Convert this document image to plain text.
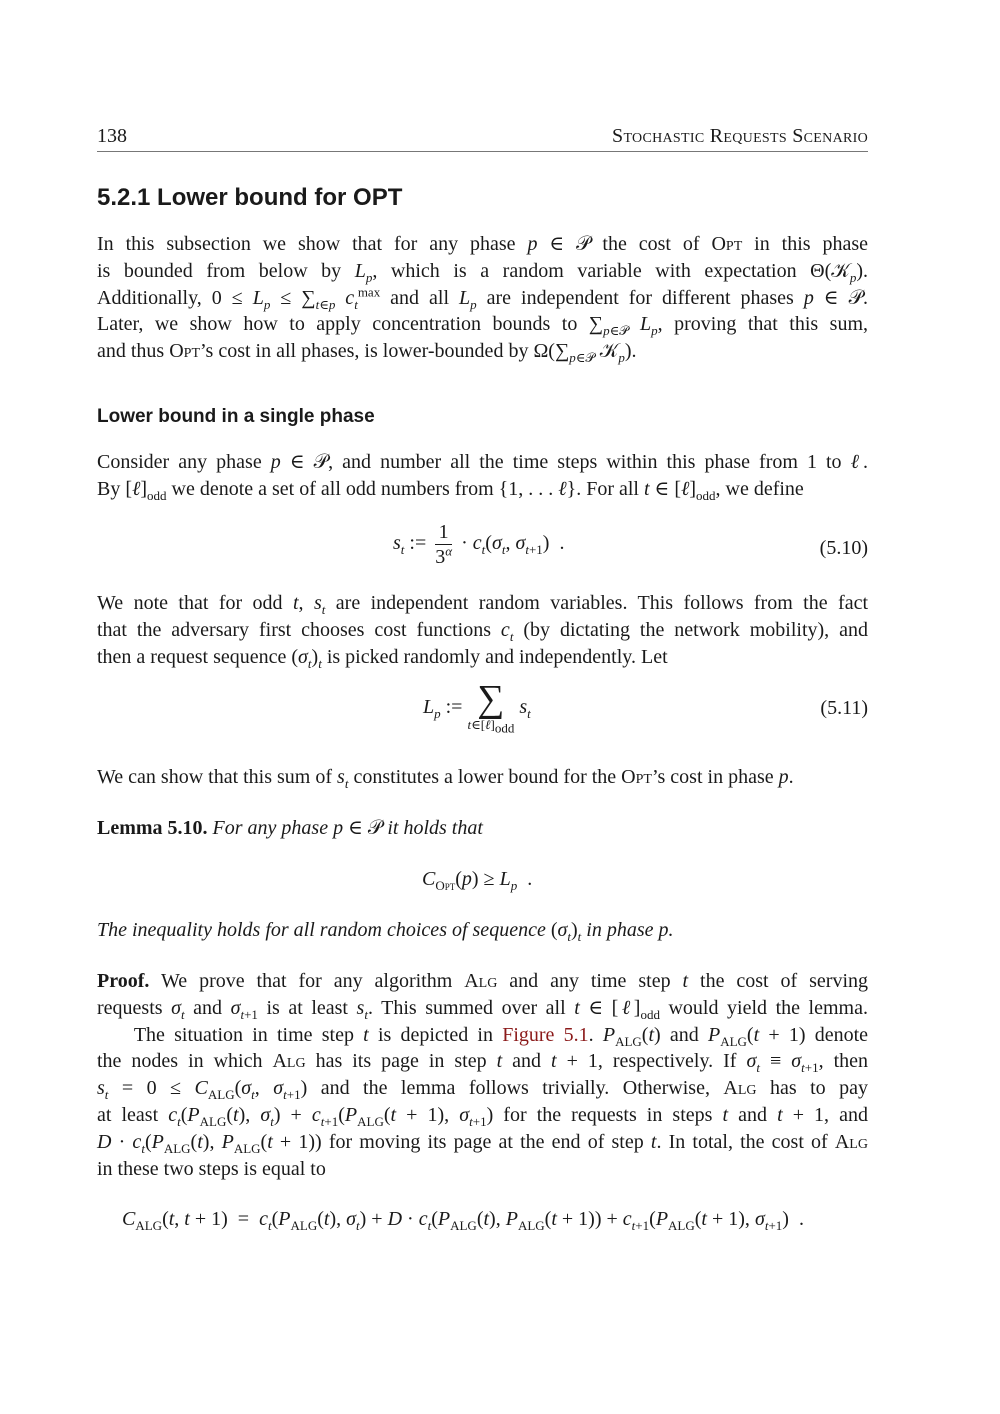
138	Stochastic Requests Scenario
5.2.1 Lower bound for OPT
In this subsection we show that for any phase p ∈ 𝒫 the cost of Opt in this phase
is bounded from below by $L_p$, which is a random variable with expectation Θ(𝒦$_p$).
Additionally, $0 \le L_p \le \sum_{t\in p}$ $c_t^{max}$ and all $L_p$ are independent for different phases p ∈ 𝒫.
Later, we show how to apply concentration bounds to $\sum_{p\in 𝒫}$ $L_p$, proving that this sum,
and thus Opt’s cost in all phases, is lower-bounded by $\Omega(\sum_{p\in 𝒫}$ 𝒦$_p$).
Lower bound in a single phase
Consider any phase p ∈ 𝒫, and number all the time steps within this phase from 1 to ℓ.
By $[\ell]_{odd}$ we denote a set of all odd numbers from {1, . . . ℓ}. For all t ∈ $[\ell]_{odd}$, we define
$s_t$ := $\frac{1}{3^\alpha} \cdot c_t(\sigma_t$, $\sigma_{t+1}$)  .	(5.10)
We note that for odd t, $s_t$ are independent random variables. This follows from the fact
that the adversary first chooses cost functions $c_t$ (by dictating the network mobility), and
then a request sequence $(\sigma_t)_t$ is picked randomly and independently. Let
$L_p$ := ∑
$t\in[\ell]_{odd}$
$s_t$	(5.11)
We can show that this sum of $s_t$ constitutes a lower bound for the Opt’s cost in phase p.
Lemma 5.10. For any phase p ∈ 𝒫 it holds that
$C_{Opt}(p) \ge L_p$  .
The inequality holds for all random choices of sequence $(\sigma_t)_t$ in phase p.
Proof. We prove that for any algorithm Alg and any time step t the cost of serving
requests $\sigma_t$ and $\sigma_{t+1}$ is at least $s_t$. This summed over all t ∈ $[\ell]_{odd}$ would yield the lemma.
The situation in time step t is depicted in Figure 5.1. $P_{ALG}(t)$ and $P_{ALG}(t + 1)$ denote
the nodes in which Alg has its page in step t and t + 1, respectively. If $\sigma_t \equiv \sigma_{t+1}$, then
$s_t = 0 \le C_{ALG}(\sigma_t$, $\sigma_{t+1}$) and the lemma follows trivially. Otherwise, Alg has to pay
at least $c_t(P_{ALG}(t)$, $\sigma_t) + c_{t+1}(P_{ALG}(t + 1)$, $\sigma_{t+1}$) for the requests in steps t and t + 1, and
$D \cdot c_t(P_{ALG}(t)$, $P_{ALG}(t + 1)$) for moving its page at the end of step t. In total, the cost of Alg
in these two steps is equal to
$C_{ALG}(t$, $t + 1) = c_t(P_{ALG}(t)$, $\sigma_t) + D \cdot c_t(P_{ALG}(t)$, $P_{ALG}(t + 1)) + c_{t+1}(P_{ALG}(t + 1)$, $\sigma_{t+1}$)  .
